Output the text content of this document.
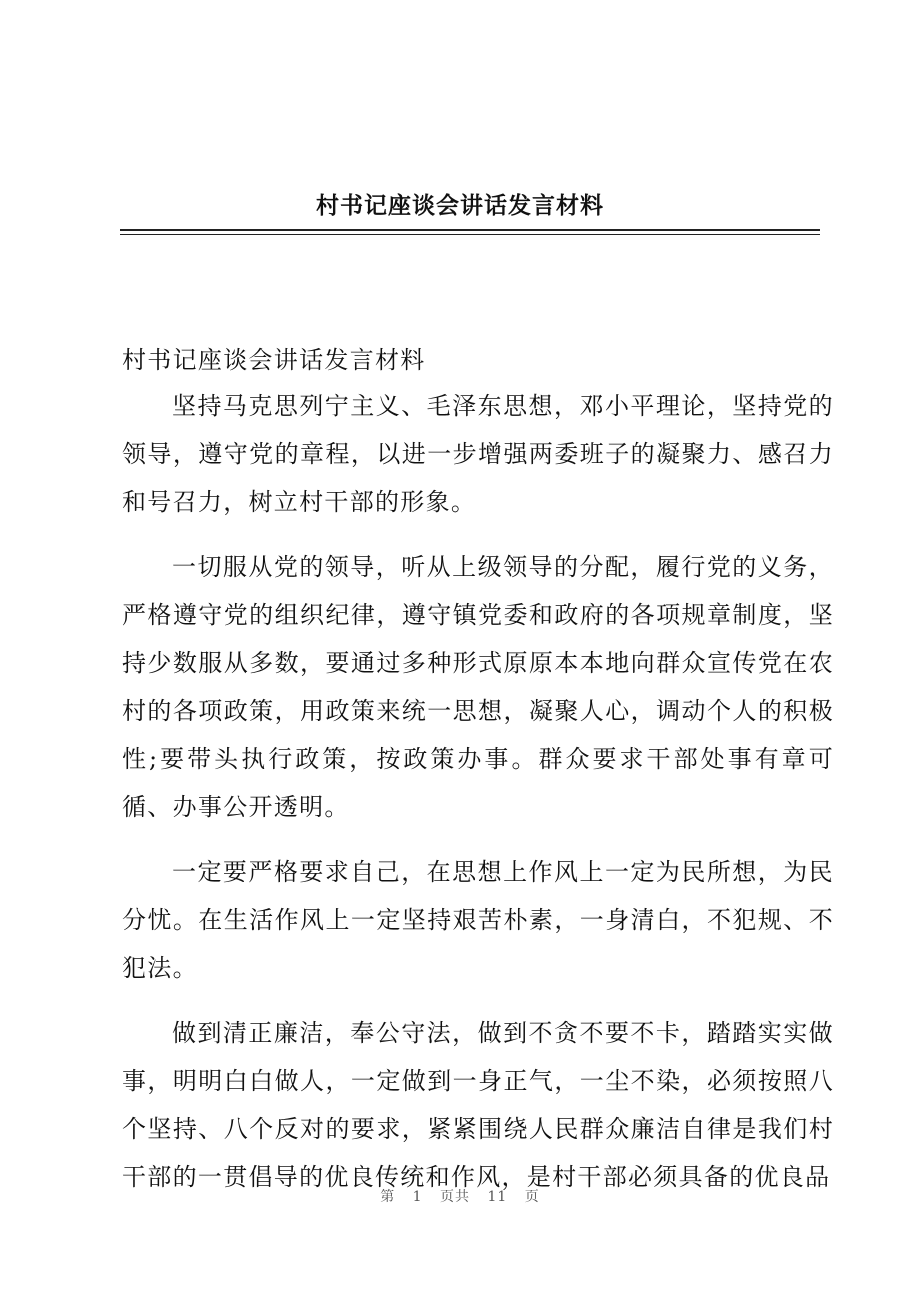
村书记座谈会讲话发言材料

村书记座谈会讲话发言材料

坚持马克思列宁主义、毛泽东思想，邓小平理论，坚持党的领导，遵守党的章程，以进一步增强两委班子的凝聚力、感召力和号召力，树立村干部的形象。

一切服从党的领导，听从上级领导的分配，履行党的义务，严格遵守党的组织纪律，遵守镇党委和政府的各项规章制度，坚持少数服从多数，要通过多种形式原原本本地向群众宣传党在农村的各项政策，用政策来统一思想，凝聚人心，调动个人的积极性;要带头执行政策，按政策办事。群众要求干部处事有章可循、办事公开透明。

一定要严格要求自己，在思想上作风上一定为民所想，为民分忧。在生活作风上一定坚持艰苦朴素，一身清白，不犯规、不犯法。

做到清正廉洁，奉公守法，做到不贪不要不卡，踏踏实实做事，明明白白做人，一定做到一身正气，一尘不染，必须按照八个坚持、八个反对的要求，紧紧围绕人民群众廉洁自律是我们村干部的一贯倡导的优良传统和作风，是村干部必须具备的优良品

第 1 页共 11 页
